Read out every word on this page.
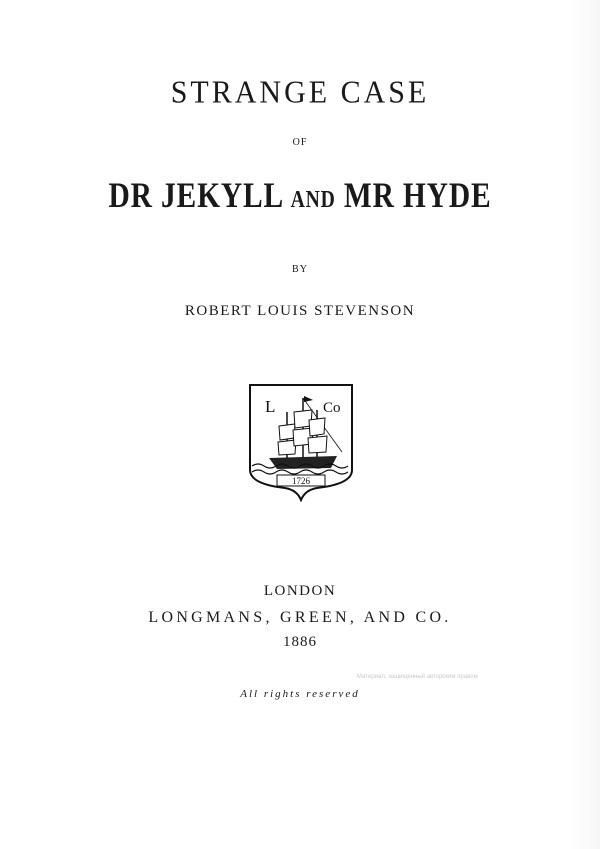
STRANGE CASE
OF
DR JEKYLL AND MR HYDE
BY
ROBERT LOUIS STEVENSON
L	Co
1726
LONDON
LONGMANS, GREEN, AND CO.
1886
Материал, защищенный авторским правом
All rights reserved
